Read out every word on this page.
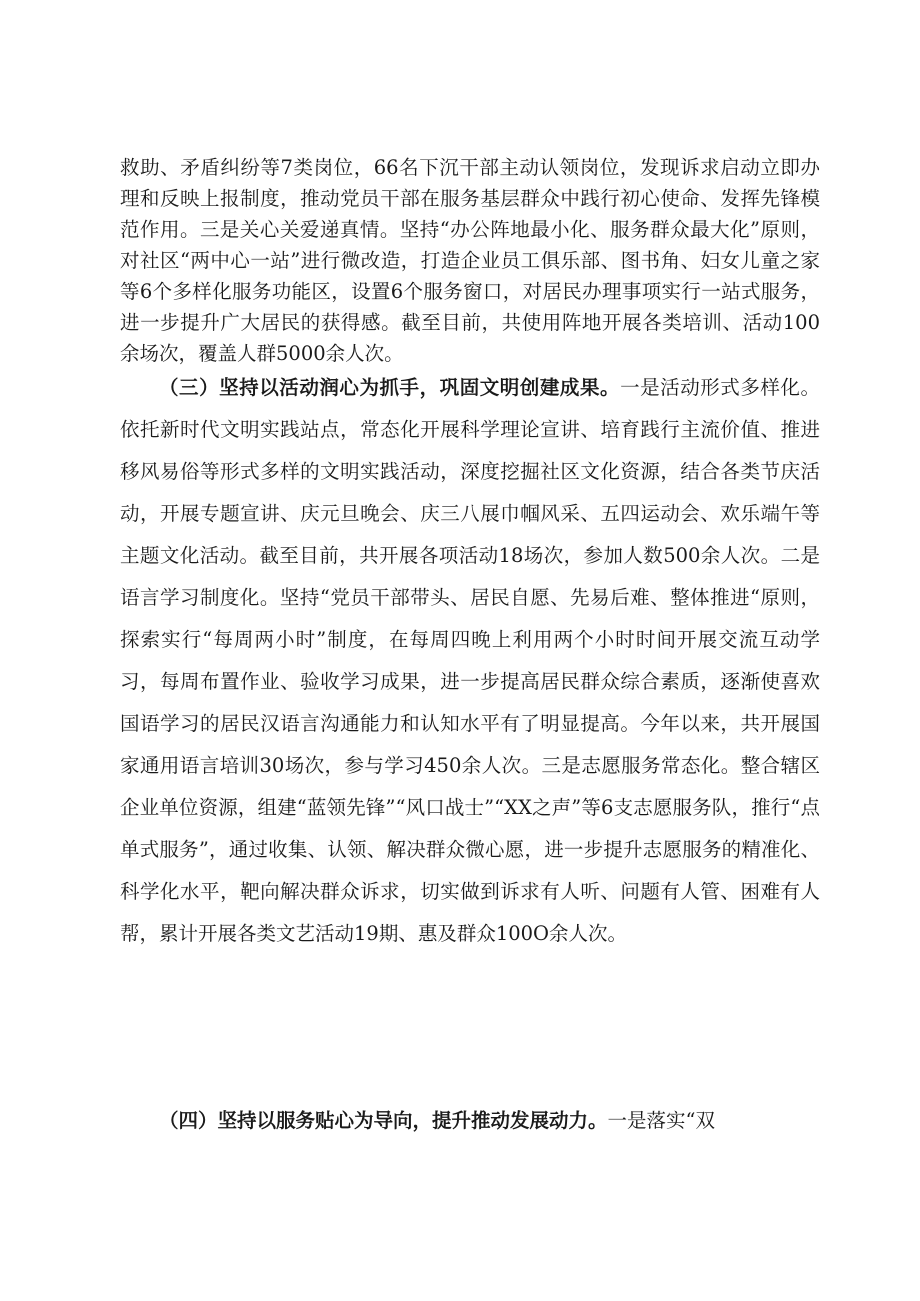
救助、矛盾纠纷等7类岗位，66名下沉干部主动认领岗位，发现诉求启动立即办理和反映上报制度，推动党员干部在服务基层群众中践行初心使命、发挥先锋模范作用。三是关心关爱递真情。坚持“办公阵地最小化、服务群众最大化”原则，对社区“两中心一站”进行微改造，打造企业员工俱乐部、图书角、妇女儿童之家等6个多样化服务功能区，设置6个服务窗口，对居民办理事项实行一站式服务，进一步提升广大居民的获得感。截至目前，共使用阵地开展各类培训、活动100余场次，覆盖人群5000余人次。
（三）坚持以活动润心为抓手，巩固文明创建成果。一是活动形式多样化。依托新时代文明实践站点，常态化开展科学理论宣讲、培育践行主流价值、推进移风易俗等形式多样的文明实践活动，深度挖掘社区文化资源，结合各类节庆活动，开展专题宣讲、庆元旦晚会、庆三八展巾帼风采、五四运动会、欢乐端午等主题文化活动。截至目前，共开展各项活动18场次，参加人数500余人次。二是语言学习制度化。坚持“党员干部带头、居民自愿、先易后难、整体推进“原则，探索实行“每周两小时”制度，在每周四晚上利用两个小时时间开展交流互动学习，每周布置作业、验收学习成果，进一步提高居民群众综合素质，逐渐使喜欢国语学习的居民汉语言沟通能力和认知水平有了明显提高。今年以来，共开展国家通用语言培训30场次，参与学习450余人次。三是志愿服务常态化。整合辖区企业单位资源，组建“蓝领先锋”“风口战士”“XX之声”等6支志愿服务队，推行“点单式服务”，通过收集、认领、解决群众微心愿，进一步提升志愿服务的精准化、科学化水平，靶向解决群众诉求，切实做到诉求有人听、问题有人管、困难有人帮，累计开展各类文艺活动19期、惠及群众100O余人次。
（四）坚持以服务贴心为导向，提升推动发展动力。一是落实“双
